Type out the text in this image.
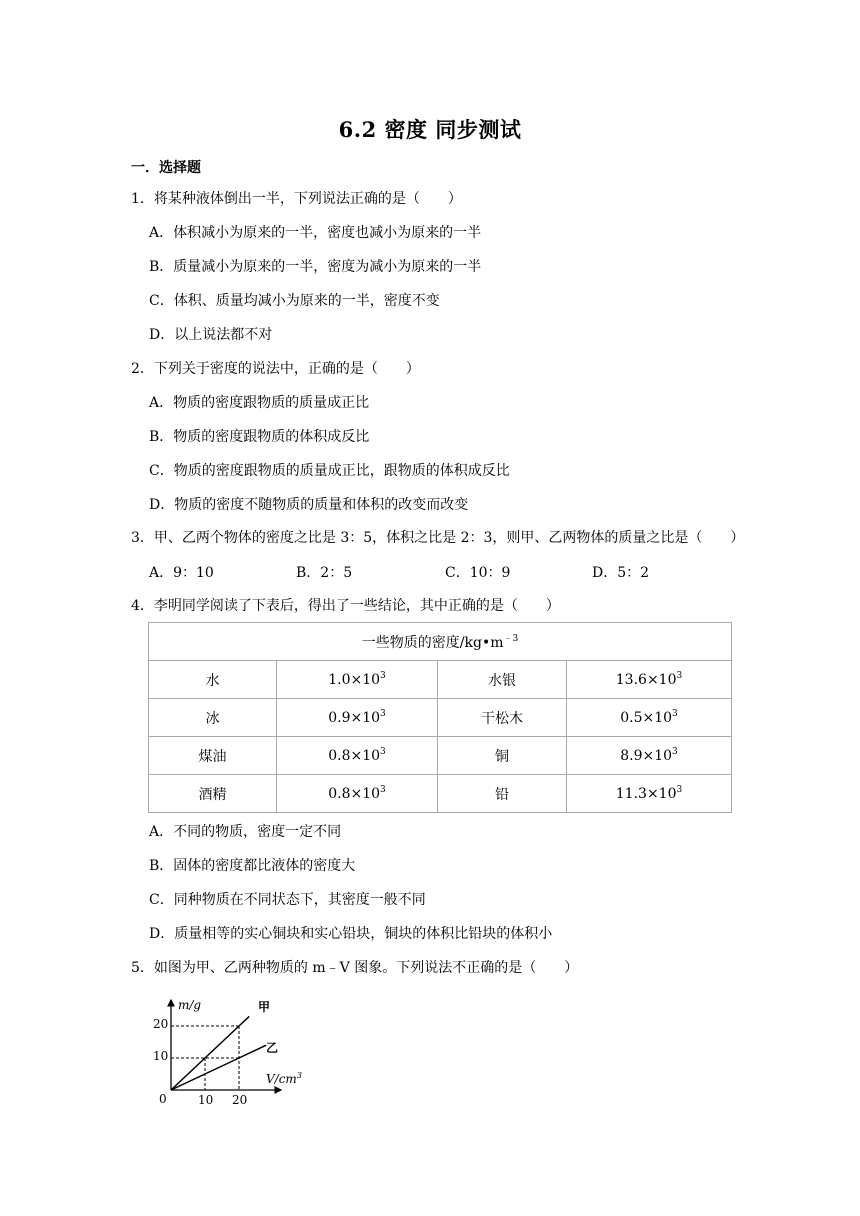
6.2 密度 同步测试
一．选择题
1．将某种液体倒出一半，下列说法正确的是（　　）
A．体积减小为原来的一半，密度也减小为原来的一半
B．质量减小为原来的一半，密度为减小为原来的一半
C．体积、质量均减小为原来的一半，密度不变
D．以上说法都不对
2．下列关于密度的说法中，正确的是（　　）
A．物质的密度跟物质的质量成正比
B．物质的密度跟物质的体积成反比
C．物质的密度跟物质的质量成正比，跟物质的体积成反比
D．物质的密度不随物质的质量和体积的改变而改变
3．甲、乙两个物体的密度之比是 3：5，体积之比是 2：3，则甲、乙两物体的质量之比是（　　）
A．9：10	B．2：5	C．10：9	D．5：2
4．李明同学阅读了下表后，得出了一些结论，其中正确的是（　　）
一些物质的密度$/kg•m^{﹣3}$
水	$1.0\times 10^3$	水银	$13.6\times 10^3$
冰	$0.9\times 10^3$	干松木	$0.5\times 10^3$
煤油	$0.8\times 10^3$	铜	$8.9\times 10^3$
酒精	$0.8\times 10^3$	铅	$11.3\times 10^3$
A．不同的物质，密度一定不同
B．固体的密度都比液体的密度大
C．同种物质在不同状态下，其密度一般不同
D．质量相等的实心铜块和实心铅块，铜块的体积比铅块的体积小
5．如图为甲、乙两种物质的 m﹣V 图象。下列说法不正确的是（　　）
m/g
$V/cm^3$
0
20
10
10 20
甲
乙
